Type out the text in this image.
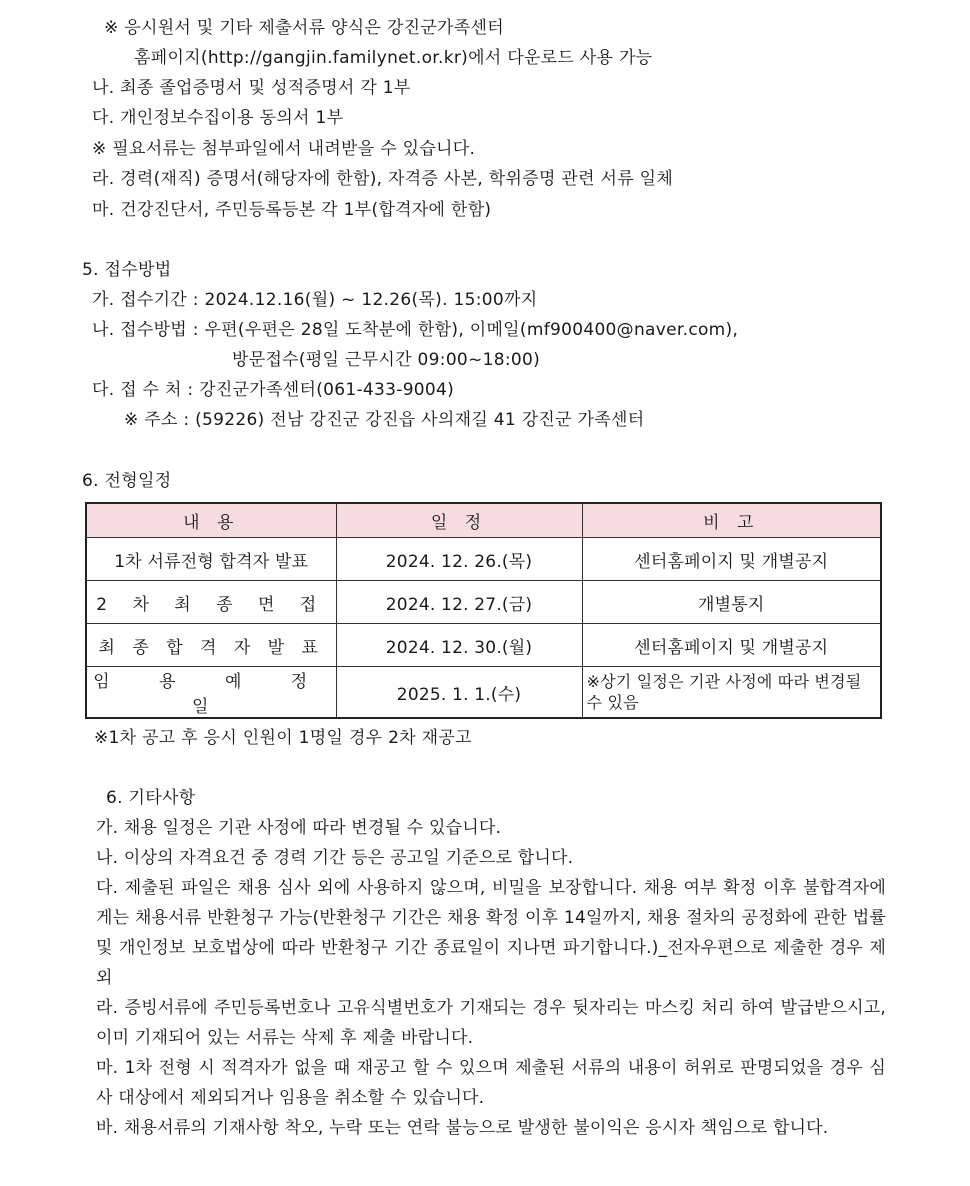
※ 응시원서 및 기타 제출서류 양식은 강진군가족센터
홈페이지(http://gangjin.familynet.or.kr)에서 다운로드 사용 가능
나. 최종 졸업증명서 및 성적증명서 각 1부
다. 개인정보수집이용 동의서 1부
※ 필요서류는 첨부파일에서 내려받을 수 있습니다.
라. 경력(재직) 증명서(해당자에 한함), 자격증 사본, 학위증명 관련 서류 일체
마. 건강진단서, 주민등록등본 각 1부(합격자에 한함)
5. 접수방법
가. 접수기간 : 2024.12.16(월) ~ 12.26(목). 15:00까지
나. 접수방법 : 우편(우편은 28일 도착분에 한함), 이메일(mf900400@naver.com),
방문접수(평일 근무시간 09:00~18:00)
다. 접 수 처 : 강진군가족센터(061-433-9004)
※ 주소 : (59226) 전남 강진군 강진읍 사의재길 41 강진군 가족센터
6. 전형일정
내 용	일 정	비 고
1차 서류전형 합격자 발표	2024. 12. 26.(목)	센터홈페이지 및 개별공지
2 차 최 종 면 접	2024. 12. 27.(금)	개별통지
최 종 합 격 자 발 표	2024. 12. 30.(월)	센터홈페이지 및 개별공지
임 용 예 정 일	2025. 1. 1.(수)	※상기 일정은 기관 사정에 따라 변경될 수 있음
※1차 공고 후 응시 인원이 1명일 경우 2차 재공고
6. 기타사항
가. 채용 일정은 기관 사정에 따라 변경될 수 있습니다.
나. 이상의 자격요건 중 경력 기간 등은 공고일 기준으로 합니다.
다. 제출된 파일은 채용 심사 외에 사용하지 않으며, 비밀을 보장합니다. 채용 여부 확정 이후 불합격자에게는 채용서류 반환청구 가능(반환청구 기간은 채용 확정 이후 14일까지, 채용 절차의 공정화에 관한 법률 및 개인정보 보호법상에 따라 반환청구 기간 종료일이 지나면 파기합니다.)_전자우편으로 제출한 경우 제외
라. 증빙서류에 주민등록번호나 고유식별번호가 기재되는 경우 뒷자리는 마스킹 처리 하여 발급받으시고, 이미 기재되어 있는 서류는 삭제 후 제출 바랍니다.
마. 1차 전형 시 적격자가 없을 때 재공고 할 수 있으며 제출된 서류의 내용이 허위로 판명되었을 경우 심사 대상에서 제외되거나 임용을 취소할 수 있습니다.
바. 채용서류의 기재사항 착오, 누락 또는 연락 불능으로 발생한 불이익은 응시자 책임으로 합니다.
